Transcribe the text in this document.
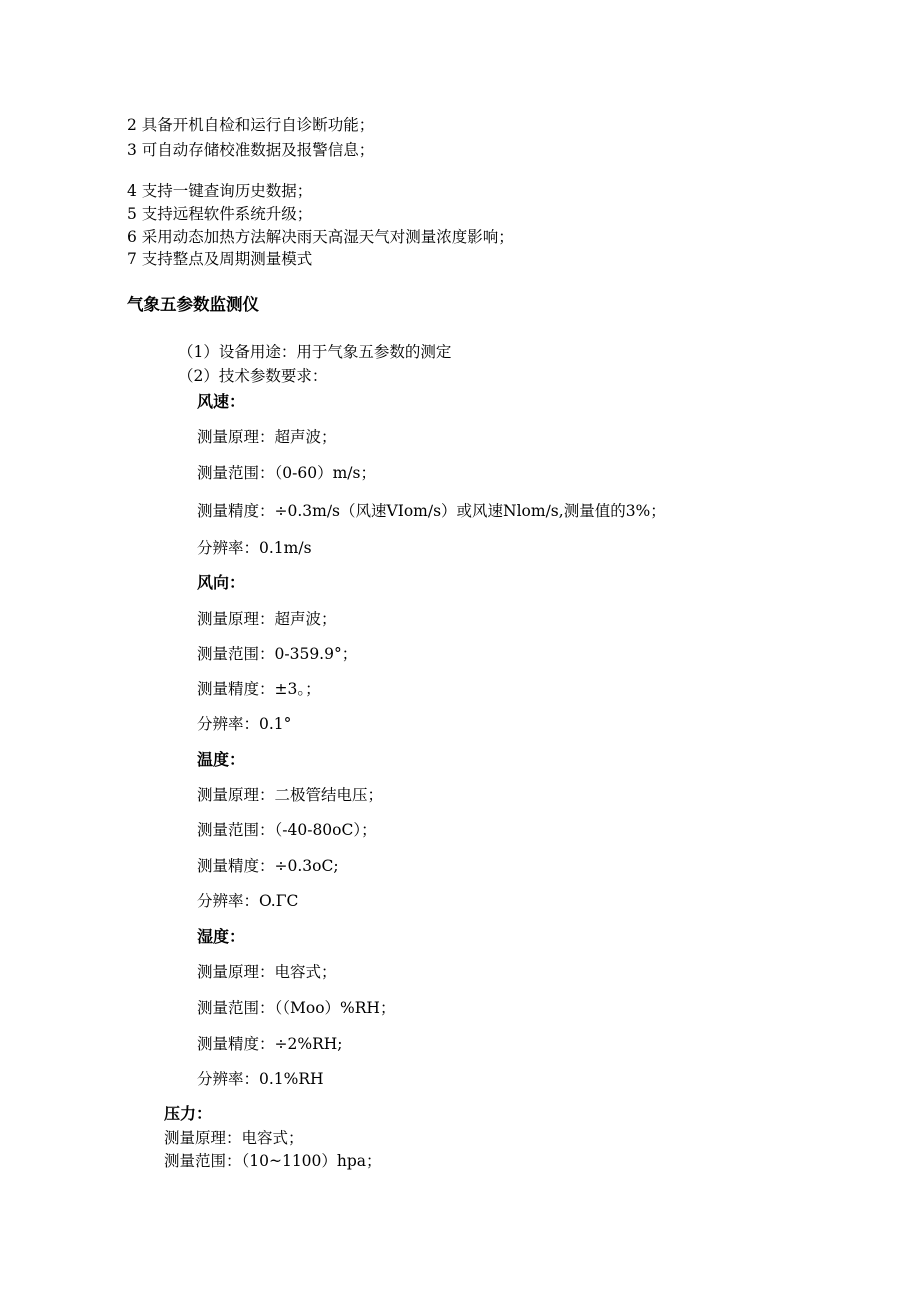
2 具备开机自检和运行自诊断功能；
3 可自动存储校准数据及报警信息；
4 支持一键查询历史数据；
5 支持远程软件系统升级；
6 采用动态加热方法解决雨天高湿天气对测量浓度影响；
7 支持整点及周期测量模式
气象五参数监测仪
（1）设备用途：用于气象五参数的测定
（2）技术参数要求：
风速：
测量原理：超声波；
测量范围：（0-60）m/s；
测量精度：÷0.3m∕s（风速VIom∕s）或风速Nlom∕s,测量值的3%；
分辨率：0.1m/s
风向：
测量原理：超声波；
测量范围：0-359.9°；
测量精度：±3。；
分辨率：0.1°
温度：
测量原理：二极管结电压；
测量范围：（-40-80oC）；
测量精度：÷0.3oC;
分辨率：O.ΓC
湿度：
测量原理：电容式；
测量范围：（（Moo）%RH；
测量精度：÷2%RH;
分辨率：0.1%RH
压力：
测量原理：电容式；
测量范围：（10~1100）hpa；
